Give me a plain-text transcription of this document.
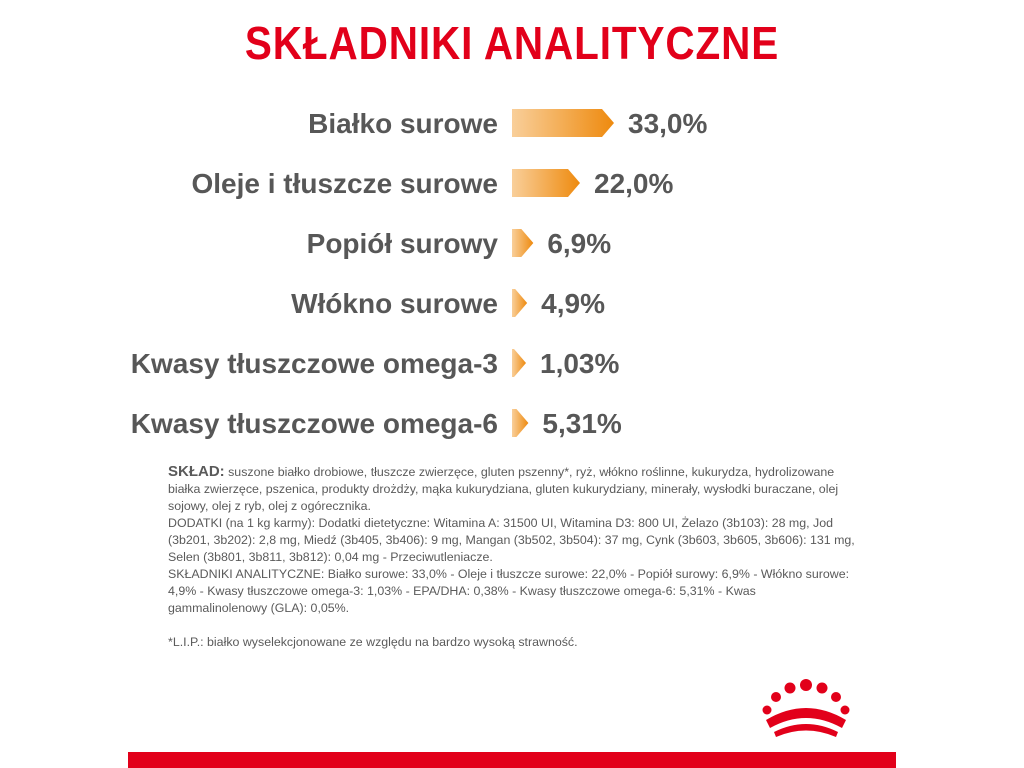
SKŁADNIKI ANALITYCZNE
Białko surowe	33,0%
Oleje i tłuszcze surowe	22,0%
Popiół surowy 6,9%
Włókno surowe 4,9%
Kwasy tłuszczowe omega-3 1,03%
Kwasy tłuszczowe omega-6 5,31%

SKŁAD: suszone białko drobiowe, tłuszcze zwierzęce, gluten pszenny*, ryż, włókno roślinne, kukurydza, hydrolizowane białka zwierzęce, pszenica, produkty drożdży, mąka kukurydziana, gluten kukurydziany, minerały, wysłodki buraczane, olej sojowy, olej z ryb, olej z ogórecznika.

DODATKI (na 1 kg karmy): Dodatki dietetyczne: Witamina A: 31500 UI, Witamina D3: 800 UI, Żelazo (3b103): 28 mg, Jod (3b201, 3b202): 2,8 mg, Miedź (3b405, 3b406): 9 mg, Mangan (3b502, 3b504): 37 mg, Cynk (3b603, 3b605, 3b606): 131 mg, Selen (3b801, 3b811, 3b812): 0,04 mg - Przeciwutleniacze.

SKŁADNIKI ANALITYCZNE: Białko surowe: 33,0% - Oleje i tłuszcze surowe: 22,0% - Popiół surowy: 6,9% - Włókno surowe: 4,9% - Kwasy tłuszczowe omega-3: 1,03% - EPA/DHA: 0,38% - Kwasy tłuszczowe omega-6: 5,31% - Kwas gammalinolenowy (GLA): 0,05%.

*L.I.P.: białko wyselekcjonowane ze względu na bardzo wysoką strawność.
